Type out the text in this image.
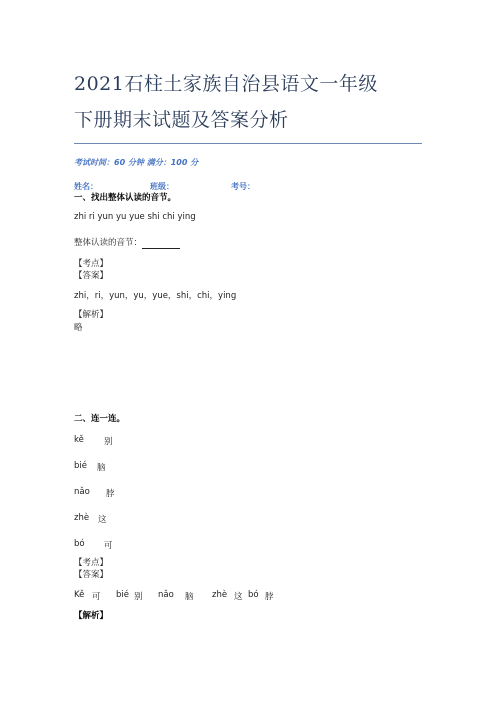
2021石柱土家族自治县语文一年级
下册期末试题及答案分析
考试时间：60 分钟 满分：100 分
姓名：	班级：	考号：
一、找出整体认读的音节。
zhi ri yun yu yue shi chi ying
整体认读的音节：
【考点】
【答案】
zhi，ri，yun，yu，yue，shi，chi，ying
【解析】
略
二、连一连。
kě 别
bié 脑
nǎo 脖
zhè 这
bó 可
【考点】
【答案】
Kě 可 bié 别 nǎo 脑 zhè 这 bó 脖
【解析】
